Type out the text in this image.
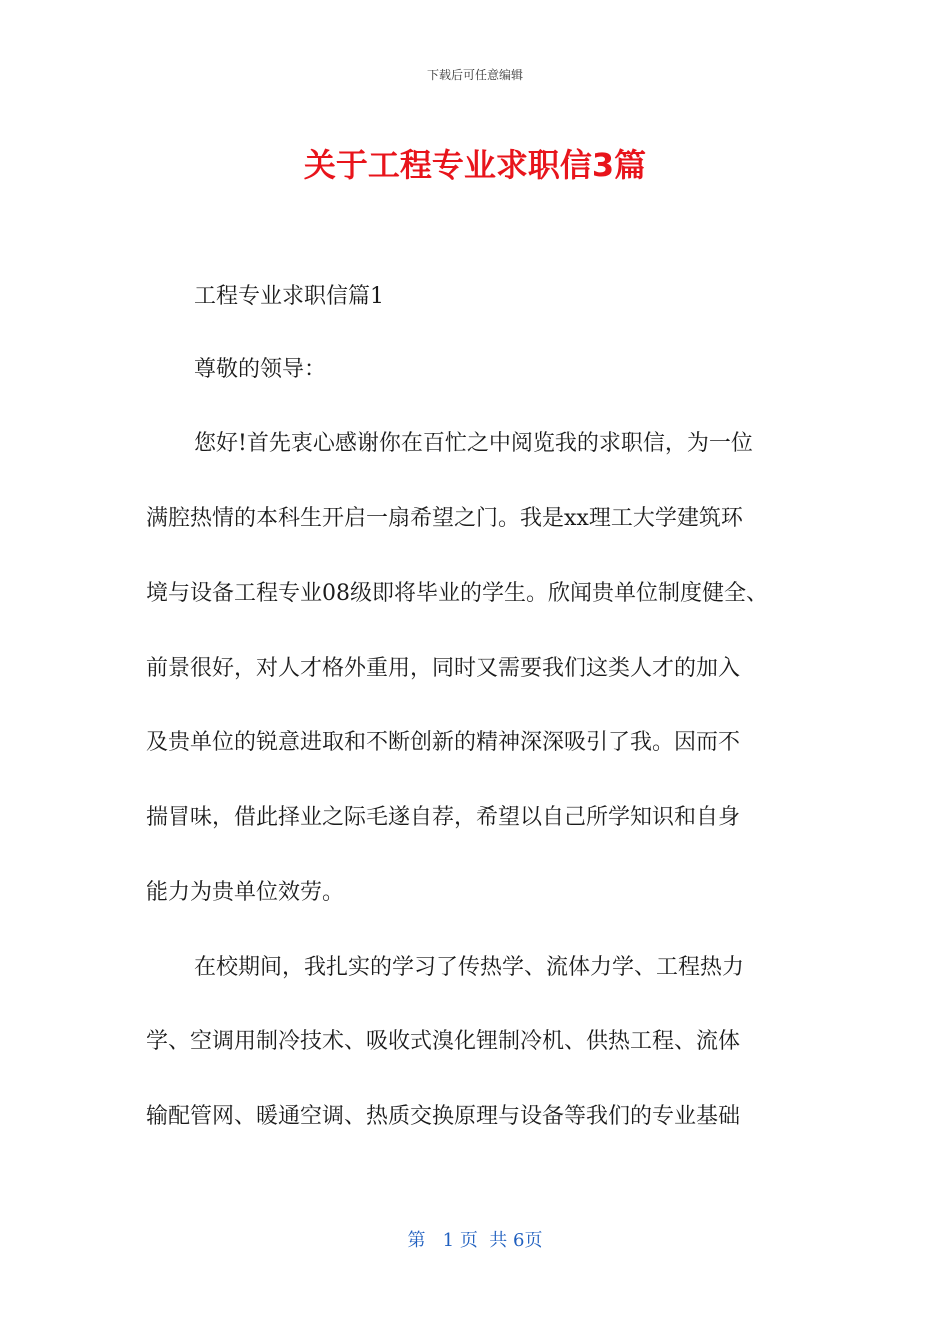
下载后可任意编辑
关于工程专业求职信3篇
工程专业求职信篇1
尊敬的领导：
您好!首先衷心感谢你在百忙之中阅览我的求职信，为一位
满腔热情的本科生开启一扇希望之门。我是xx理工大学建筑环
境与设备工程专业08级即将毕业的学生。欣闻贵单位制度健全、
前景很好，对人才格外重用，同时又需要我们这类人才的加入
及贵单位的锐意进取和不断创新的精神深深吸引了我。因而不
揣冒味，借此择业之际毛遂自荐，希望以自己所学知识和自身
能力为贵单位效劳。
在校期间，我扎实的学习了传热学、流体力学、工程热力
学、空调用制冷技术、吸收式溴化锂制冷机、供热工程、流体
输配管网、暖通空调、热质交换原理与设备等我们的专业基础
第   1 页  共 6页
